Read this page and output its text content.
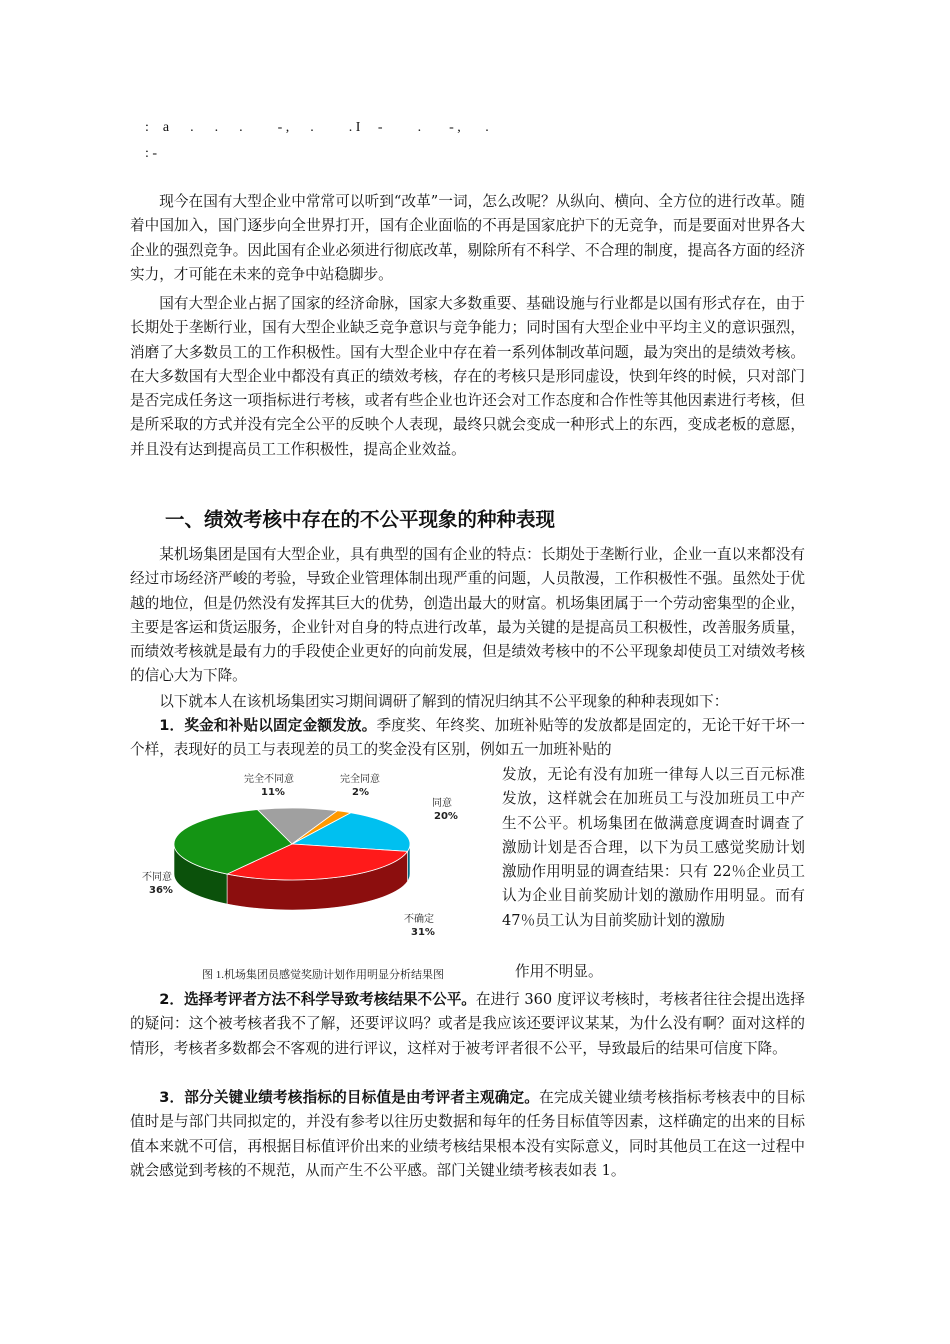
:    a      .      .      .          - ,      .          . I     -          .        - ,       .
: -

现今在国有大型企业中常常可以听到“改革”一词，怎么改呢？从纵向、横向、全方位的进行改革。随着中国加入，国门逐步向全世界打开，国有企业面临的不再是国家庇护下的无竞争，而是要面对世界各大企业的强烈竞争。因此国有企业必须进行彻底改革，剔除所有不科学、不合理的制度，提高各方面的经济实力，才可能在未来的竞争中站稳脚步。

国有大型企业占据了国家的经济命脉，国家大多数重要、基础设施与行业都是以国有形式存在，由于长期处于垄断行业，国有大型企业缺乏竞争意识与竞争能力；同时国有大型企业中平均主义的意识强烈，消磨了大多数员工的工作积极性。国有大型企业中存在着一系列体制改革问题，最为突出的是绩效考核。在大多数国有大型企业中都没有真正的绩效考核，存在的考核只是形同虚设，快到年终的时候，只对部门是否完成任务这一项指标进行考核，或者有些企业也许还会对工作态度和合作性等其他因素进行考核，但是所采取的方式并没有完全公平的反映个人表现，最终只就会变成一种形式上的东西，变成老板的意愿，并且没有达到提高员工工作积极性，提高企业效益。

一、绩效考核中存在的不公平现象的种种表现

某机场集团是国有大型企业，具有典型的国有企业的特点：长期处于垄断行业，企业一直以来都没有经过市场经济严峻的考验，导致企业管理体制出现严重的问题，人员散漫，工作积极性不强。虽然处于优越的地位，但是仍然没有发挥其巨大的优势，创造出最大的财富。机场集团属于一个劳动密集型的企业，主要是客运和货运服务，企业针对自身的特点进行改革，最为关键的是提高员工积极性，改善服务质量，而绩效考核就是最有力的手段使企业更好的向前发展，但是绩效考核中的不公平现象却使员工对绩效考核的信心大为下降。

以下就本人在该机场集团实习期间调研了解到的情况归纳其不公平现象的种种表现如下：

1．奖金和补贴以固定金额发放。季度奖、年终奖、加班补贴等的发放都是固定的，无论干好干坏一个样，表现好的员工与表现差的员工的奖金没有区别，例如五一加班补贴的

发放，无论有没有加班一律每人以三百元标准发放，这样就会在加班员工与没加班员工中产生不公平。机场集团在做满意度调查时调查了激励计划是否合理，以下为员工感觉奖励计划激励作用明显的调查结果：只有 22％企业员工认为企业目前奖励计划的激励作用明显。而有 47％员工认为目前奖励计划的激励

作用不明显。

同意
20%
不确定
31%
不同意
36%
完全不同意
11%
完全同意
2%
图 1.机场集团员感觉奖励计划作用明显分析结果图

2．选择考评者方法不科学导致考核结果不公平。在进行 360 度评议考核时，考核者往往会提出选择的疑问：这个被考核者我不了解，还要评议吗？或者是我应该还要评议某某，为什么没有啊？面对这样的情形，考核者多数都会不客观的进行评议，这样对于被考评者很不公平，导致最后的结果可信度下降。

3．部分关键业绩考核指标的目标值是由考评者主观确定。在完成关键业绩考核指标考核表中的目标值时是与部门共同拟定的，并没有参考以往历史数据和每年的任务目标值等因素，这样确定的出来的目标值本来就不可信，再根据目标值评价出来的业绩考核结果根本没有实际意义，同时其他员工在这一过程中就会感觉到考核的不规范，从而产生不公平感。部门关键业绩考核表如表 1。
